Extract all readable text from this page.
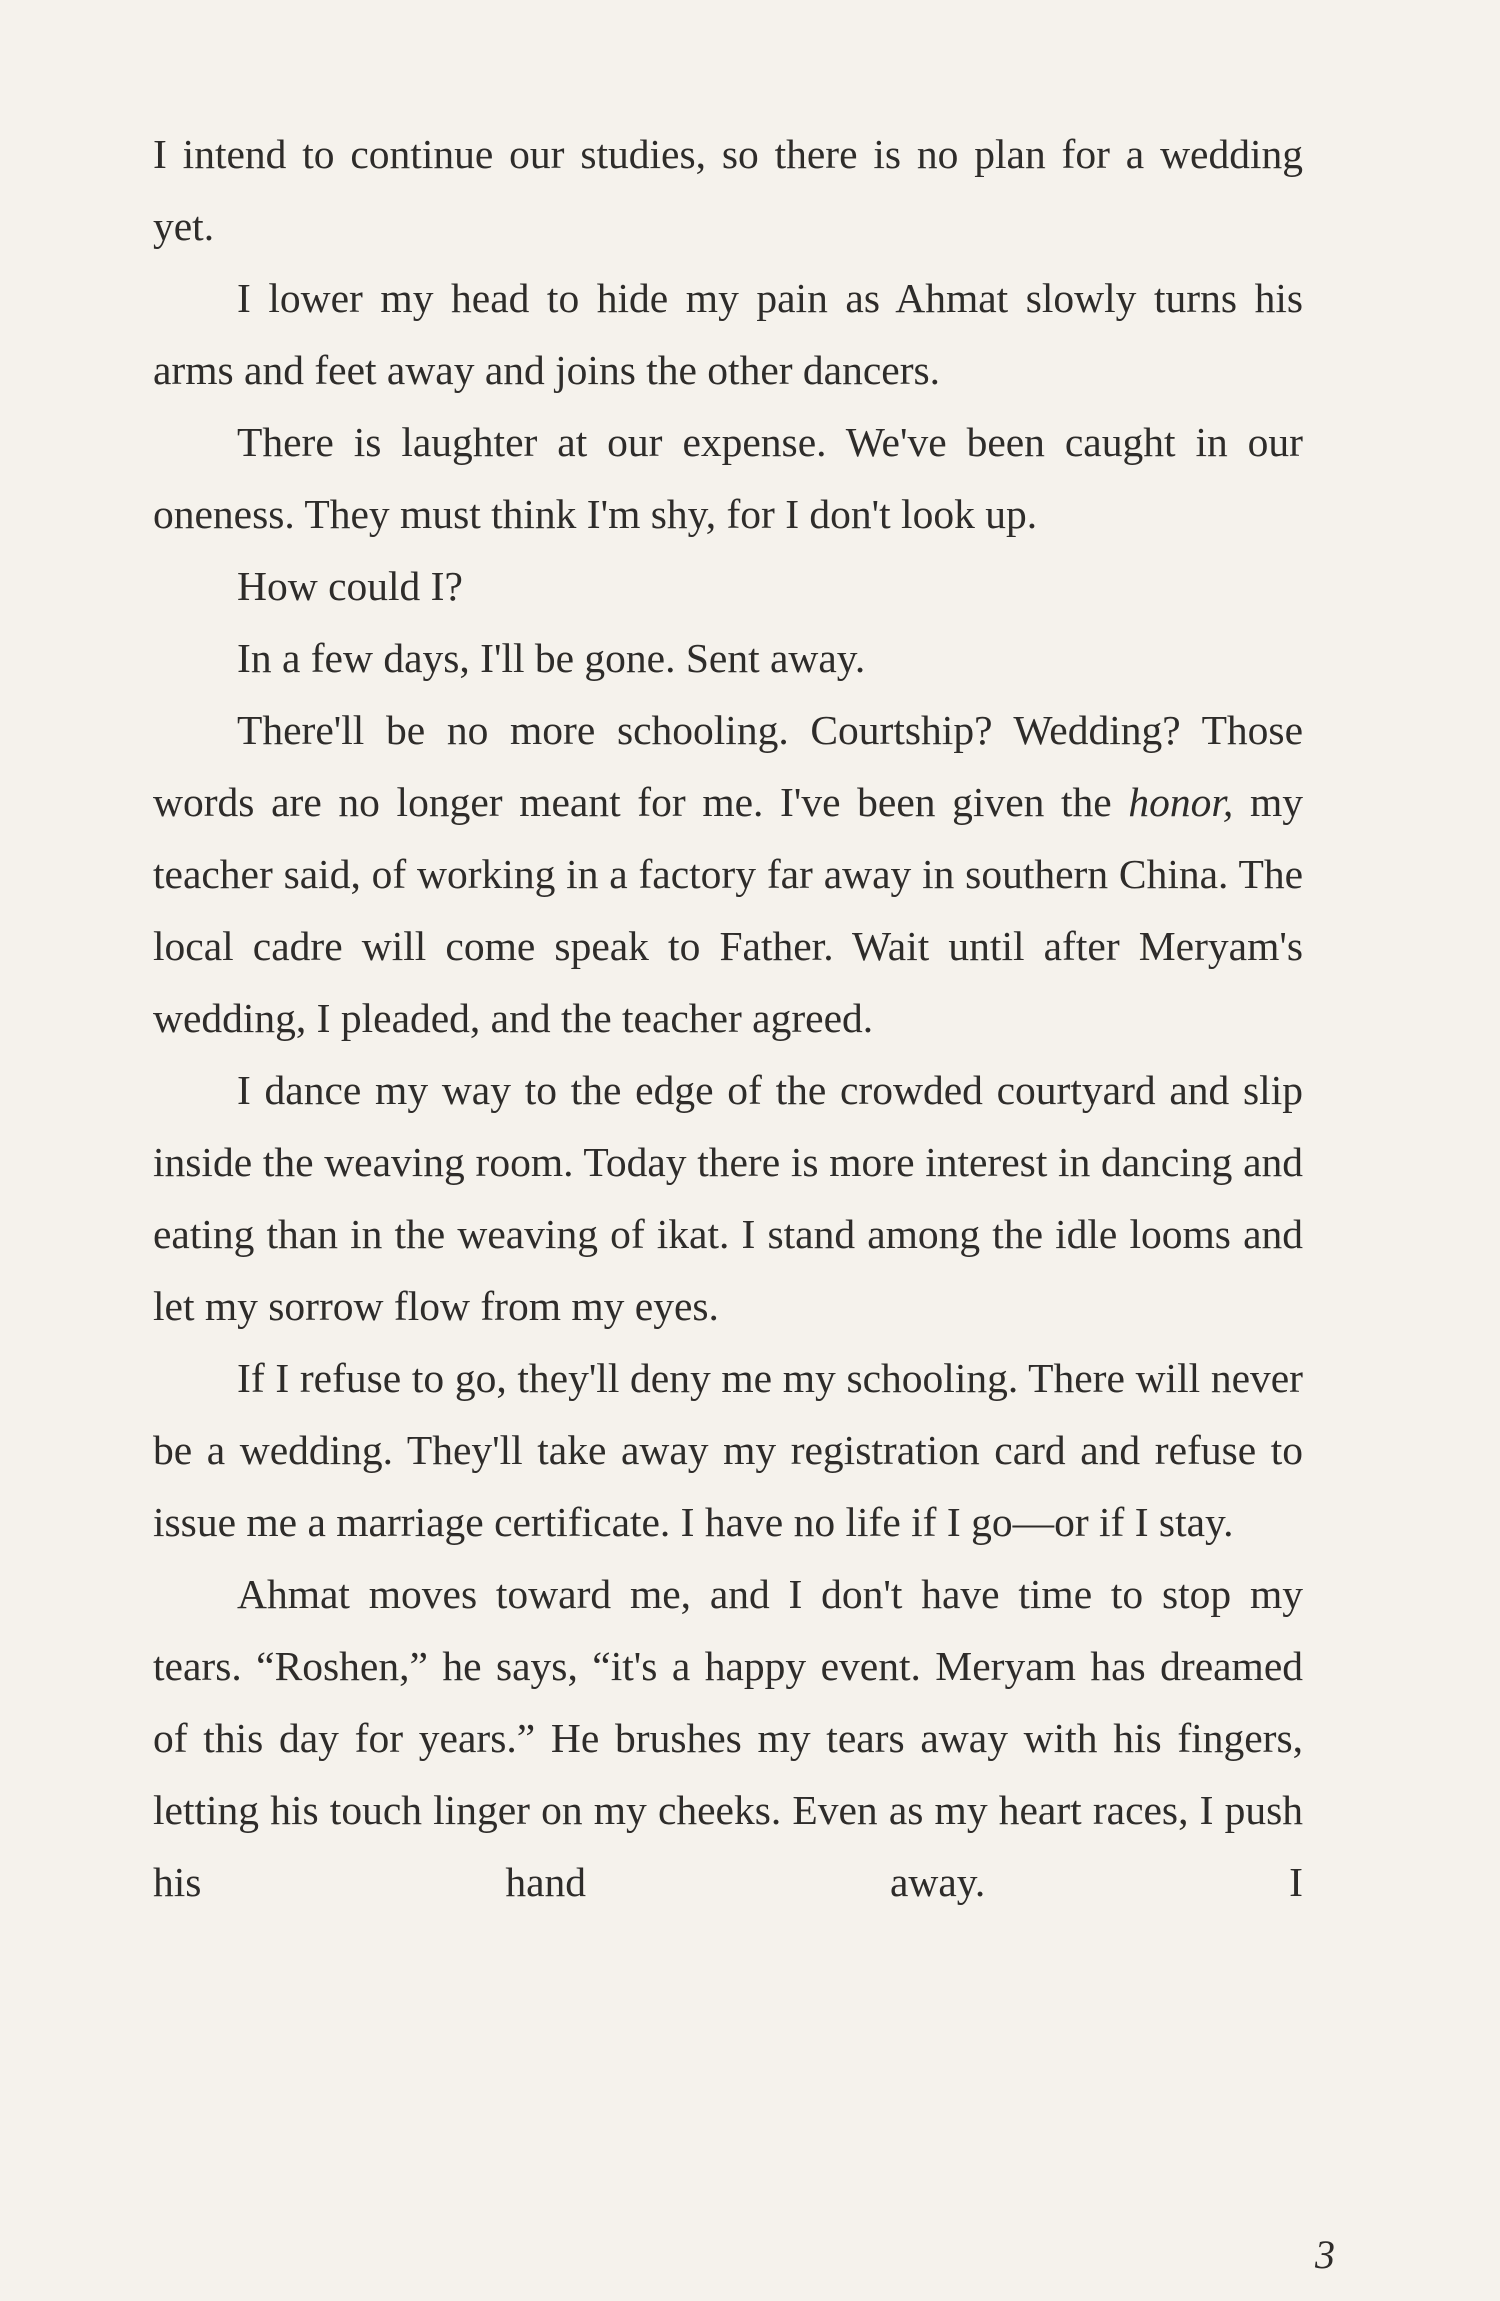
I intend to continue our studies, so there is no plan for a wedding yet.

I lower my head to hide my pain as Ahmat slowly turns his arms and feet away and joins the other dancers.

There is laughter at our expense. We've been caught in our oneness. They must think I'm shy, for I don't look up.

How could I?

In a few days, I'll be gone. Sent away.

There'll be no more schooling. Courtship? Wedding? Those words are no longer meant for me. I've been given the honor, my teacher said, of working in a factory far away in southern China. The local cadre will come speak to Father. Wait until after Meryam's wedding, I pleaded, and the teacher agreed.

I dance my way to the edge of the crowded courtyard and slip inside the weaving room. Today there is more interest in dancing and eating than in the weaving of ikat. I stand among the idle looms and let my sorrow flow from my eyes.

If I refuse to go, they'll deny me my schooling. There will never be a wedding. They'll take away my registration card and refuse to issue me a marriage certificate. I have no life if I go—or if I stay.

Ahmat moves toward me, and I don't have time to stop my tears. “Roshen,” he says, “it's a happy event. Meryam has dreamed of this day for years.” He brushes my tears away with his fingers, letting his touch linger on my cheeks. Even as my heart races, I push his hand away. I

3
